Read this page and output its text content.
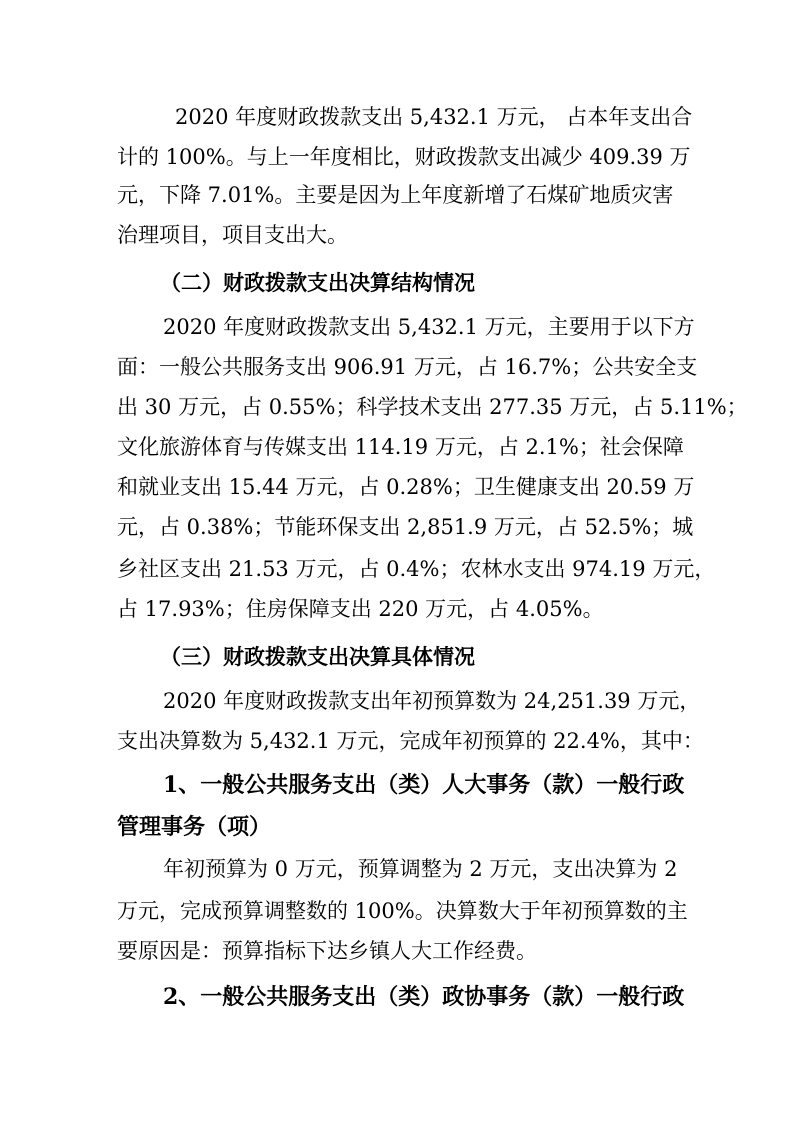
2020 年度财政拨款支出 5,432.1 万元， 占本年支出合

计的 100%。与上一年度相比，财政拨款支出减少 409.39 万

元，下降 7.01%。主要是因为上年度新增了石煤矿地质灾害

治理项目，项目支出大。

（二）财政拨款支出决算结构情况

2020 年度财政拨款支出 5,432.1 万元，主要用于以下方

面：一般公共服务支出 906.91 万元，占 16.7%；公共安全支

出 30 万元，占 0.55%；科学技术支出 277.35 万元，占 5.11%；

文化旅游体育与传媒支出 114.19 万元，占 2.1%；社会保障

和就业支出 15.44 万元，占 0.28%；卫生健康支出 20.59 万

元，占 0.38%；节能环保支出 2,851.9 万元，占 52.5%；城

乡社区支出 21.53 万元，占 0.4%；农林水支出 974.19 万元，

占 17.93%；住房保障支出 220 万元，占 4.05%。

（三）财政拨款支出决算具体情况

2020 年度财政拨款支出年初预算数为 24,251.39 万元，

支出决算数为 5,432.1 万元，完成年初预算的 22.4%，其中：

1、一般公共服务支出（类）人大事务（款）一般行政

管理事务（项）

年初预算为 0 万元，预算调整为 2 万元，支出决算为 2

万元，完成预算调整数的 100%。决算数大于年初预算数的主

要原因是：预算指标下达乡镇人大工作经费。

2、一般公共服务支出（类）政协事务（款）一般行政
